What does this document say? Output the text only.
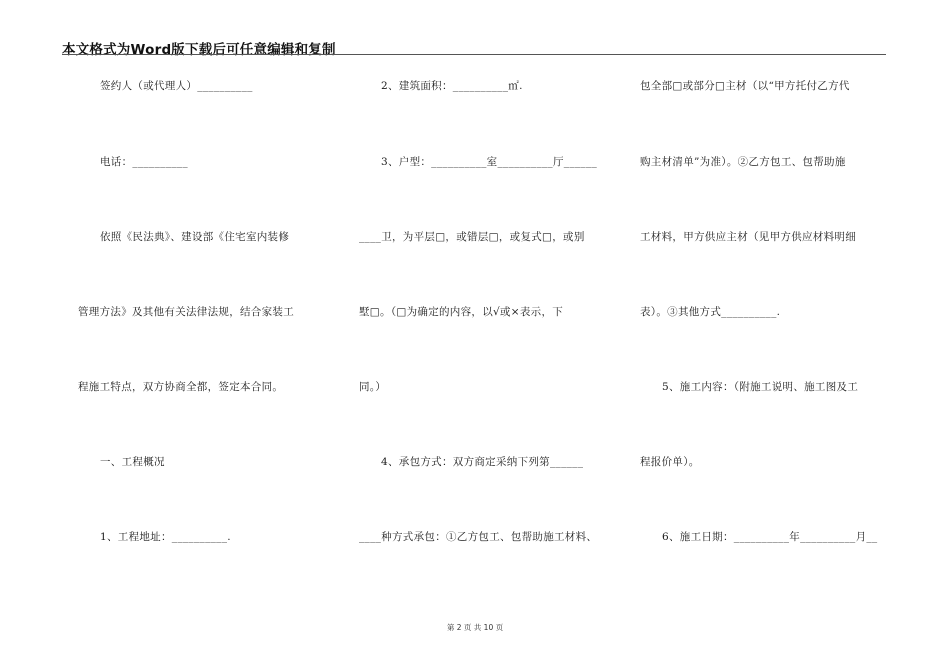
本文格式为Word版下载后可任意编辑和复制
签约人（或代理人）__________
电话：__________
依照《民法典》、建设部《住宅室内装修
管理方法》及其他有关法律法规，结合家装工
程施工特点，双方协商全都，签定本合同。
一、工程概况
1、工程地址：__________.
2、建筑面积：__________㎡.
3、户型：__________室__________厅______
____卫，为平层□，或错层□，或复式□，或别
墅□。（□为确定的内容，以√或×表示，下
同。）
4、承包方式：双方商定采纳下列第______
____种方式承包：①乙方包工、包帮助施工材料、
包全部□或部分□主材（以“甲方托付乙方代
购主材清单”为准）。②乙方包工、包帮助施
工材料，甲方供应主材（见甲方供应材料明细
表）。③其他方式__________.
5、施工内容：（附施工说明、施工图及工
程报价单）。
6、施工日期：__________年__________月__
第 2 页 共 10 页
